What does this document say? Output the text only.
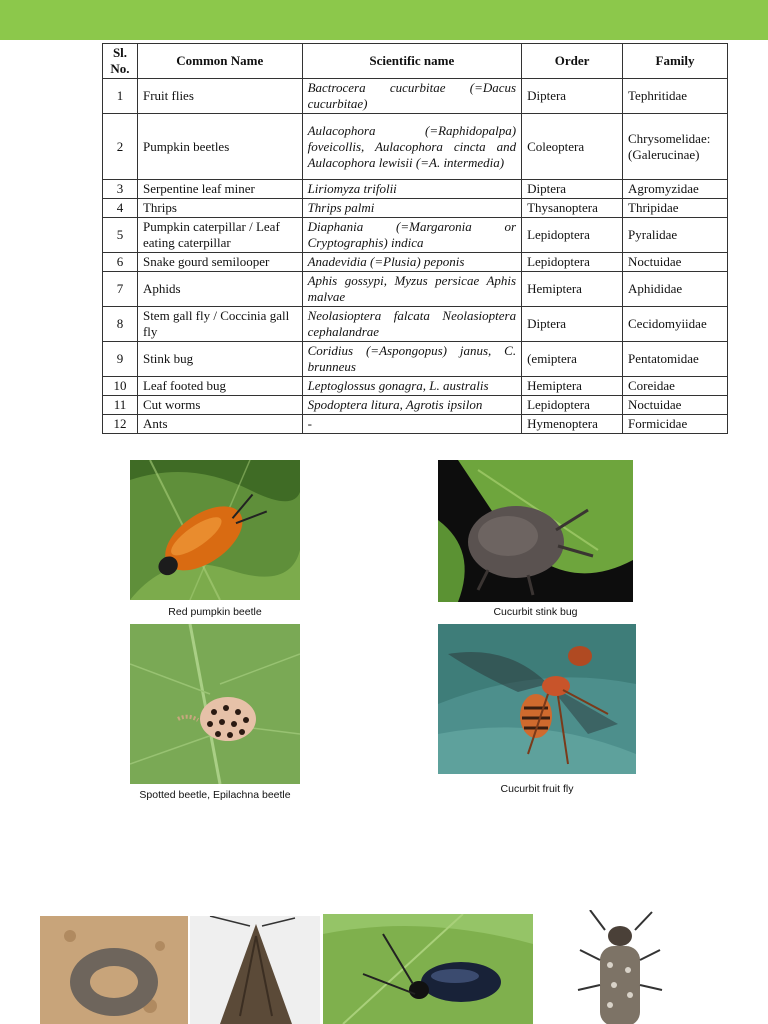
Sl. No.	Common Name	Scientific name	Order	Family
1	Fruit flies	Bactrocera cucurbitae (=Dacus cucurbitae)	Diptera	Tephritidae
2	Pumpkin beetles	Aulacophora (=Raphidopalpa) foveicollis, Aulacophora cincta and Aulacophora lewisii (=A. intermedia)	Coleoptera	Chrysomelidae: (Galerucinae)
3	Serpentine leaf miner	Liriomyza trifolii	Diptera	Agromyzidae
4	Thrips	Thrips palmi	Thysanoptera	Thripidae
5	Pumpkin caterpillar / Leaf eating caterpillar	Diaphania (=Margaronia or Cryptographis) indica	Lepidoptera	Pyralidae
6	Snake gourd semilooper	Anadevidia (=Plusia) peponis	Lepidoptera	Noctuidae
7	Aphids	Aphis gossypi, Myzus persicae Aphis malvae	Hemiptera	Aphididae
8	Stem gall fly / Coccinia gall fly	Neolasioptera falcata Neolasioptera cephalandrae	Diptera	Cecidomyiidae
9	Stink bug	Coridius (=Aspongopus) janus, C. brunneus	(emiptera	Pentatomidae
10	Leaf footed bug	Leptoglossus gonagra, L. australis	Hemiptera	Coreidae
11	Cut worms	Spodoptera litura, Agrotis ipsilon	Lepidoptera	Noctuidae
12	Ants	-	Hymenoptera	Formicidae
Red pumpkin beetle	Cucurbit stink bug
Spotted beetle, Epilachna beetle	Cucurbit fruit fly
